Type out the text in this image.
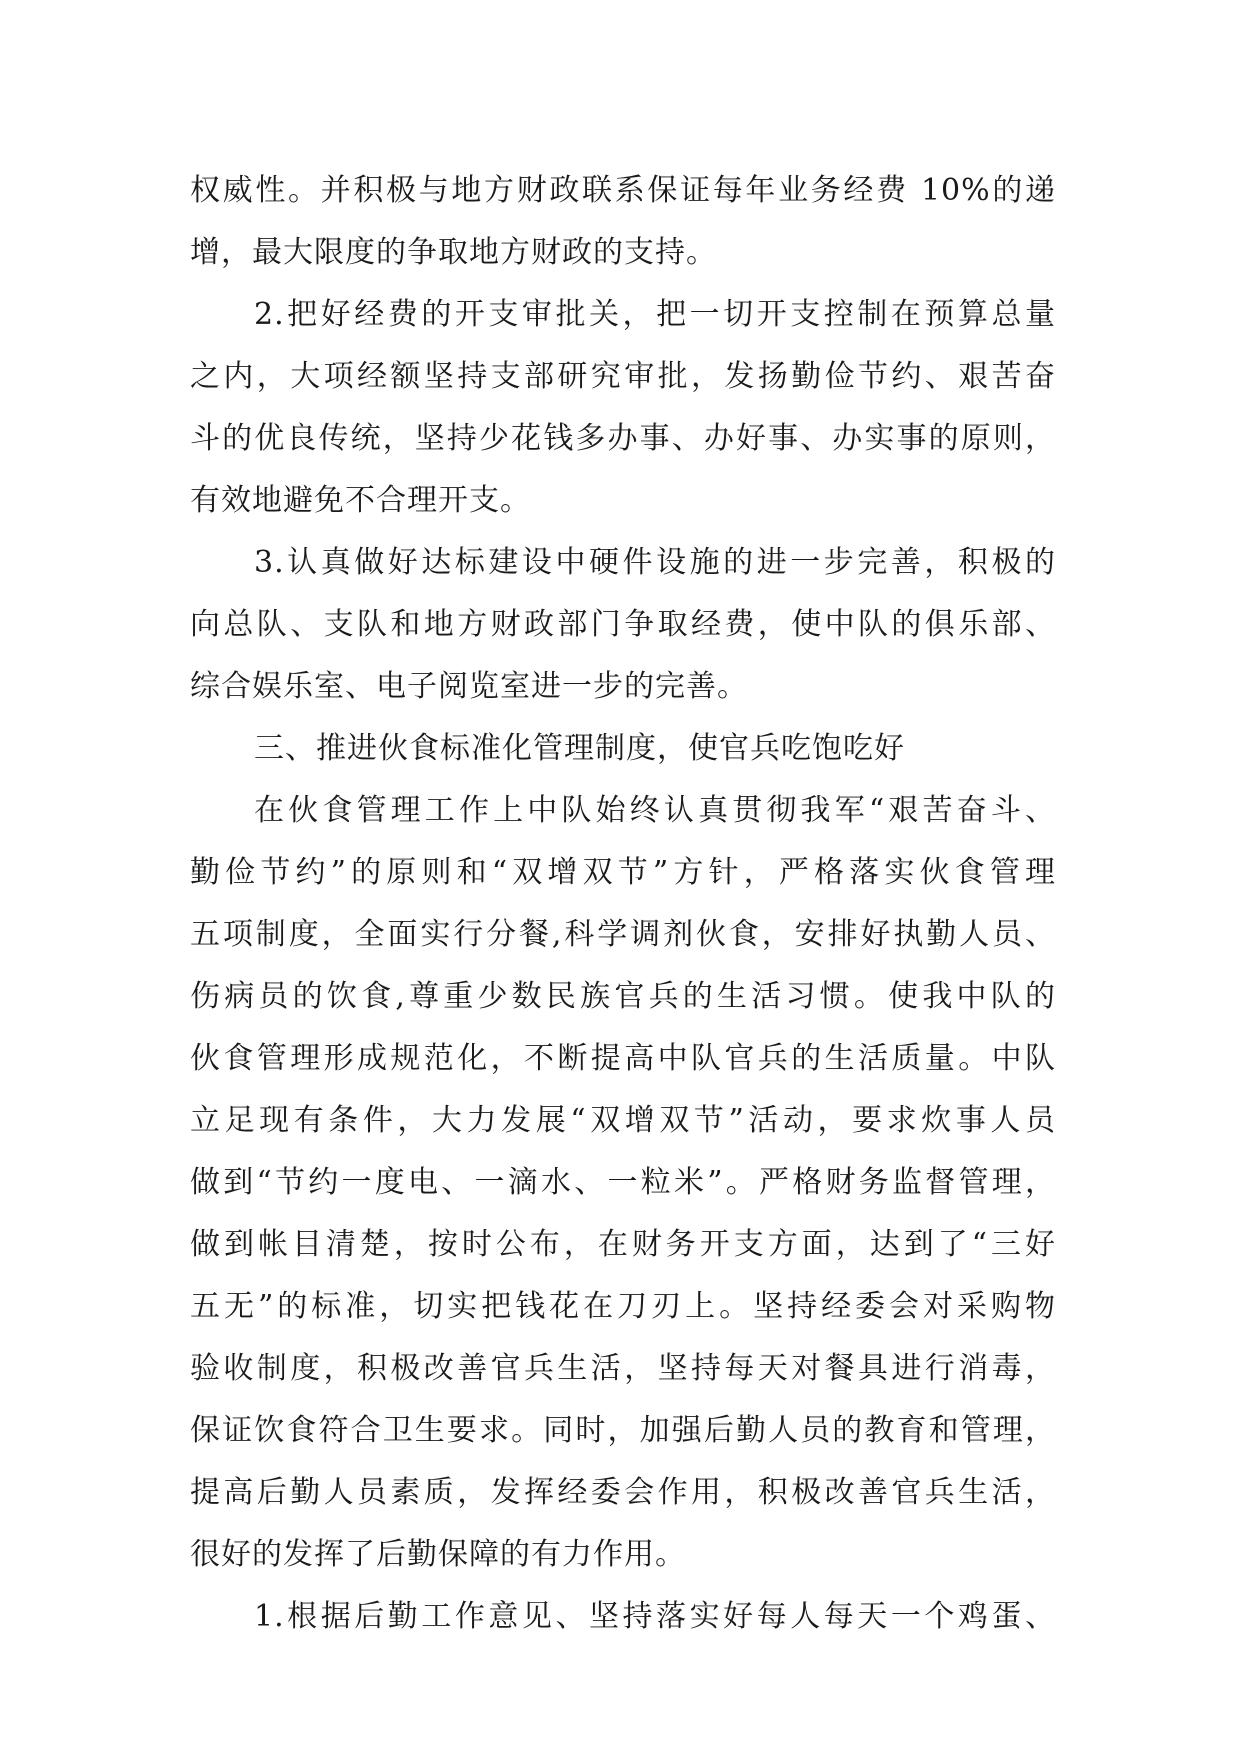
权威性。并积极与地方财政联系保证每年业务经费 10%的递
增，最大限度的争取地方财政的支持。
2.把好经费的开支审批关，把一切开支控制在预算总量
之内，大项经额坚持支部研究审批，发扬勤俭节约、艰苦奋
斗的优良传统，坚持少花钱多办事、办好事、办实事的原则，
有效地避免不合理开支。
3.认真做好达标建设中硬件设施的进一步完善，积极的
向总队、支队和地方财政部门争取经费，使中队的俱乐部、
综合娱乐室、电子阅览室进一步的完善。
三、推进伙食标准化管理制度，使官兵吃饱吃好
在伙食管理工作上中队始终认真贯彻我军“艰苦奋斗、
勤俭节约”的原则和“双增双节”方针，严格落实伙食管理
五项制度，全面实行分餐,科学调剂伙食，安排好执勤人员、
伤病员的饮食,尊重少数民族官兵的生活习惯。使我中队的
伙食管理形成规范化，不断提高中队官兵的生活质量。中队
立足现有条件，大力发展“双增双节”活动，要求炊事人员
做到“节约一度电、一滴水、一粒米”。严格财务监督管理，
做到帐目清楚，按时公布，在财务开支方面，达到了“三好
五无”的标准，切实把钱花在刀刃上。坚持经委会对采购物
验收制度，积极改善官兵生活，坚持每天对餐具进行消毒，
保证饮食符合卫生要求。同时，加强后勤人员的教育和管理，
提高后勤人员素质，发挥经委会作用，积极改善官兵生活，
很好的发挥了后勤保障的有力作用。
1.根据后勤工作意见、坚持落实好每人每天一个鸡蛋、
